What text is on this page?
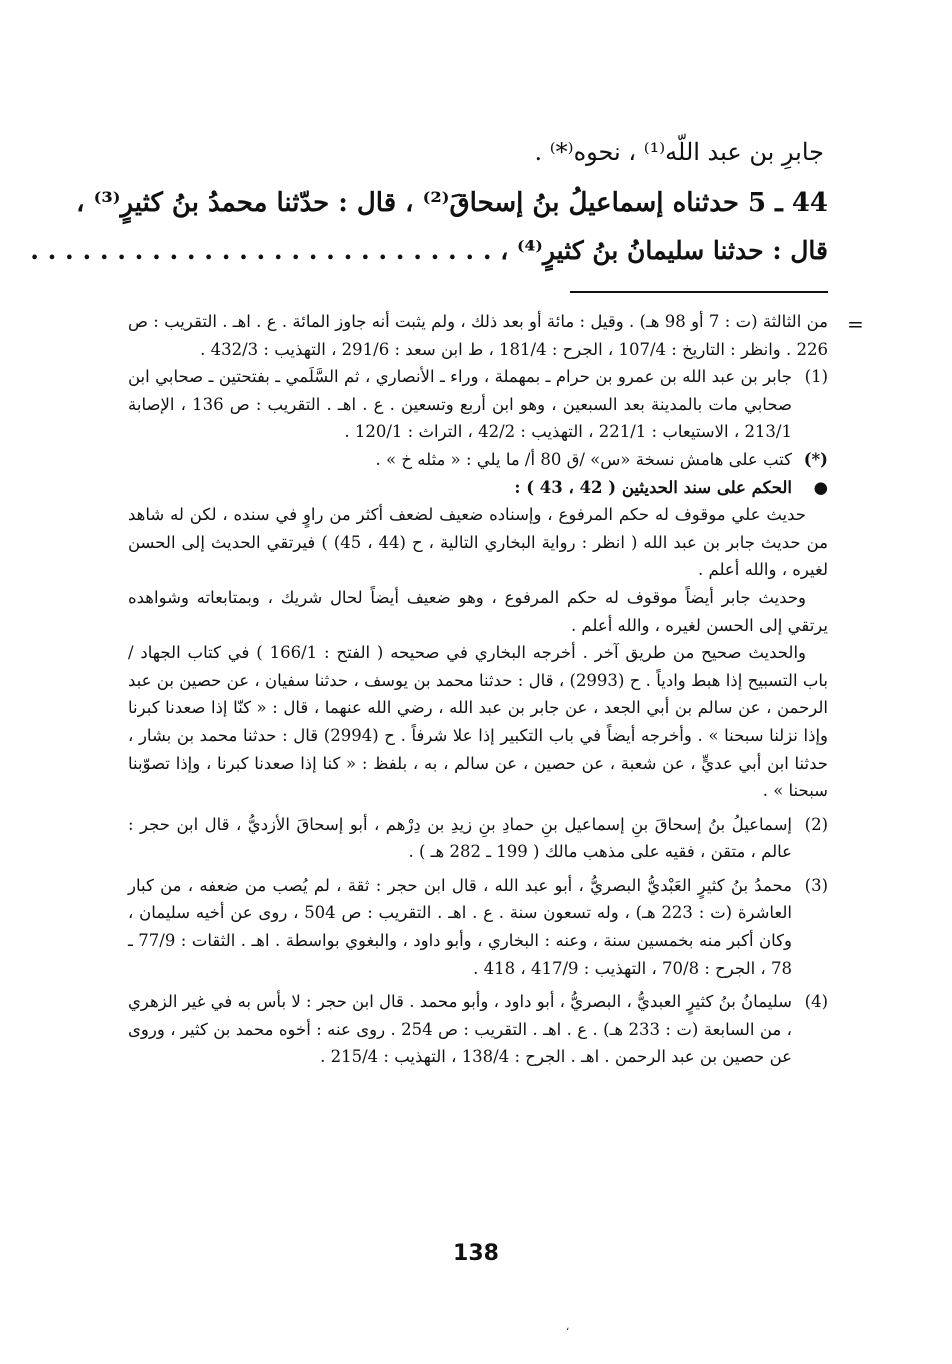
جابرِ بن عبد اللّه⁽¹⁾ ، نحوه⁽*⁾ .
44 ـ 5 حدثناه إسماعيلُ بنُ إسحاقَ⁽²⁾ ، قال : حدّثنا محمدُ بنُ كثيرٍ⁽³⁾ ،
قال : حدثنا سليمانُ بنُ كثيرٍ⁽⁴⁾ ، . . . . . . . . . . . . . . . . . . . . . . . . . . .
=

من الثالثة (ت : 7 أو 98 هـ) . وقيل : مائة أو بعد ذلك ، ولم يثبت أنه جاوز المائة . ع . اهـ . التقريب : ص 226 . وانظر : التاريخ : 107/4 ، الجرح : 181/4 ، ط ابن سعد : 291/6 ، التهذيب : 432/3 .

(1)
جابر بن عبد الله بن عمرو بن حرام ـ بمهملة ، وراء ـ الأنصاري ، ثم السَّلَمي ـ بفتحتين ـ صحابي ابن صحابي مات بالمدينة بعد السبعين ، وهو ابن أربع وتسعين . ع . اهـ . التقريب : ص 136 ، الإصابة 213/1 ، الاستيعاب : 221/1 ، التهذيب : 42/2 ، التراث : 120/1 .
(*)
كتب على هامش نسخة «س» /ق 80 أ/ ما يلي : « مثله خ » .
●
الحكم على سند الحديثين ( 42 ، 43 ) :

حديث علي موقوف له حكم المرفوع ، وإسناده ضعيف لضعف أكثر من راوٍ في سنده ، لكن له شاهد من حديث جابر بن عبد الله ( انظر : رواية البخاري التالية ، ح (44 ، 45) ) فيرتقي الحديث إلى الحسن لغيره ، والله أعلم .

وحديث جابر أيضاً موقوف له حكم المرفوع ، وهو ضعيف أيضاً لحال شريك ، وبمتابعاته وشواهده يرتقي إلى الحسن لغيره ، والله أعلم .

والحديث صحيح من طريق آخر . أخرجه البخاري في صحيحه ( الفتح : 166/1 ) في كتاب الجهاد / باب التسبيح إذا هبط وادياً . ح (2993) ، قال : حدثنا محمد بن يوسف ، حدثنا سفيان ، عن حصين بن عبد الرحمن ، عن سالم بن أبي الجعد ، عن جابر بن عبد الله ، رضي الله عنهما ، قال : « كنّا إذا صعدنا كبرنا وإذا نزلنا سبحنا » . وأخرجه أيضاً في باب التكبير إذا علا شرفاً . ح (2994) قال : حدثنا محمد بن بشار ، حدثنا ابن أبي عديٍّ ، عن شعبة ، عن حصين ، عن سالم ، به ، بلفظ : « كنا إذا صعدنا كبرنا ، وإذا تصوّبنا سبحنا » .

(2)
إسماعيلُ بنُ إسحاقَ بنِ إسماعيل بنِ حمادِ بنِ زيدِ بن دِرْهم ، أبو إسحاقَ الأزديُّ ، قال ابن حجر : عالم ، متقن ، فقيه على مذهب مالك ( 199 ـ 282 هـ ) .
(3)
محمدُ بنُ كثيرٍ العَبْديُّ البصريُّ ، أبو عبد الله ، قال ابن حجر : ثقة ، لم يُصب من ضعفه ، من كبار العاشرة (ت : 223 هـ) ، وله تسعون سنة . ع . اهـ . التقريب : ص 504 ، روى عن أخيه سليمان ، وكان أكبر منه بخمسين سنة ، وعنه : البخاري ، وأبو داود ، والبغوي بواسطة . اهـ . الثقات : 77/9 ـ 78 ، الجرح : 70/8 ، التهذيب : 417/9 ، 418 .
(4)
سليمانُ بنُ كثيرٍ العبديُّ ، البصريُّ ، أبو داود ، وأبو محمد . قال ابن حجر : لا بأس به في غير الزهري ، من السابعة (ت : 233 هـ) . ع . اهـ . التقريب : ص 254 . روى عنه : أخوه محمد بن كثير ، وروى عن حصين بن عبد الرحمن . اهـ . الجرح : 138/4 ، التهذيب : 215/4 .
138
،
